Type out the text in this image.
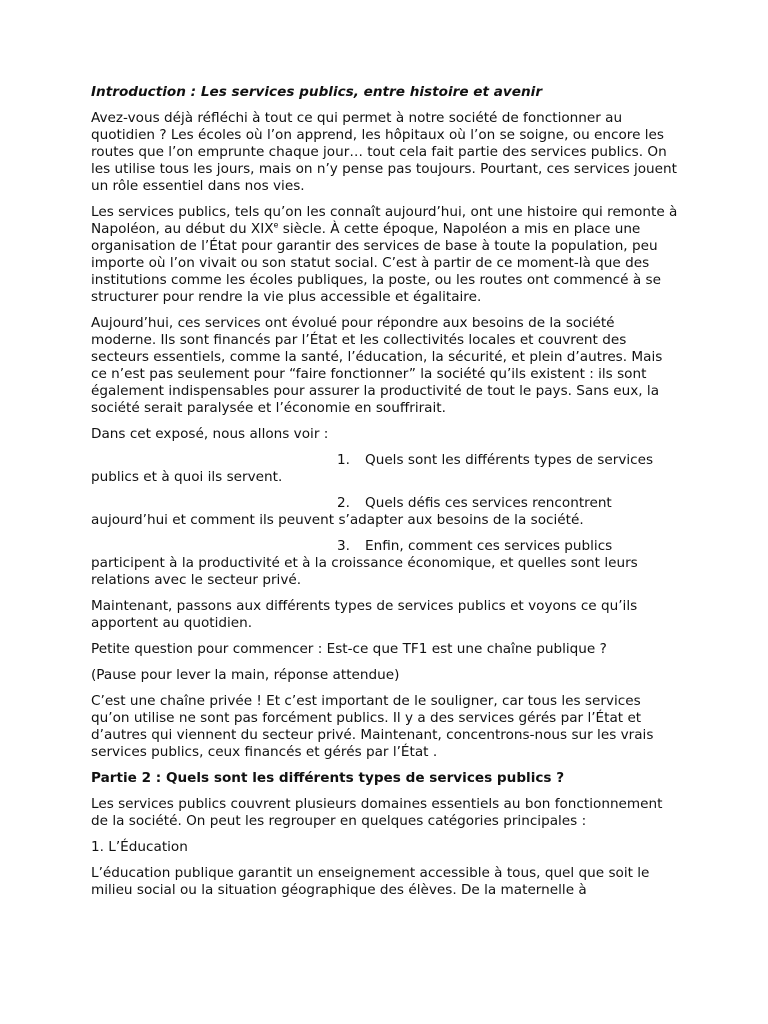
Introduction : Les services publics, entre histoire et avenir

Avez-vous déjà réfléchi à tout ce qui permet à notre société de fonctionner au quotidien ? Les écoles où l’on apprend, les hôpitaux où l’on se soigne, ou encore les routes que l’on emprunte chaque jour… tout cela fait partie des services publics. On les utilise tous les jours, mais on n’y pense pas toujours. Pourtant, ces services jouent un rôle essentiel dans nos vies.

Les services publics, tels qu’on les connaît aujourd’hui, ont une histoire qui remonte à Napoléon, au début du XIXe siècle. À cette époque, Napoléon a mis en place une organisation de l’État pour garantir des services de base à toute la population, peu importe où l’on vivait ou son statut social. C’est à partir de ce moment-là que des institutions comme les écoles publiques, la poste, ou les routes ont commencé à se structurer pour rendre la vie plus accessible et égalitaire.

Aujourd’hui, ces services ont évolué pour répondre aux besoins de la société moderne. Ils sont financés par l’État et les collectivités locales et couvrent des secteurs essentiels, comme la santé, l’éducation, la sécurité, et plein d’autres. Mais ce n’est pas seulement pour “faire fonctionner” la société qu’ils existent : ils sont également indispensables pour assurer la productivité de tout le pays. Sans eux, la société serait paralysée et l’économie en souffrirait.

Dans cet exposé, nous allons voir :

1. Quels sont les différents types de services publics et à quoi ils servent.

2. Quels défis ces services rencontrent aujourd’hui et comment ils peuvent s’adapter aux besoins de la société.

3. Enfin, comment ces services publics participent à la productivité et à la croissance économique, et quelles sont leurs relations avec le secteur privé.

Maintenant, passons aux différents types de services publics et voyons ce qu’ils apportent au quotidien.

Petite question pour commencer : Est-ce que TF1 est une chaîne publique ?

(Pause pour lever la main, réponse attendue)

C’est une chaîne privée ! Et c’est important de le souligner, car tous les services qu’on utilise ne sont pas forcément publics. Il y a des services gérés par l’État et d’autres qui viennent du secteur privé. Maintenant, concentrons-nous sur les vrais services publics, ceux financés et gérés par l’État .

Partie 2 : Quels sont les différents types de services publics ?

Les services publics couvrent plusieurs domaines essentiels au bon fonctionnement de la société. On peut les regrouper en quelques catégories principales :

1. L’Éducation

L’éducation publique garantit un enseignement accessible à tous, quel que soit le milieu social ou la situation géographique des élèves. De la maternelle à
